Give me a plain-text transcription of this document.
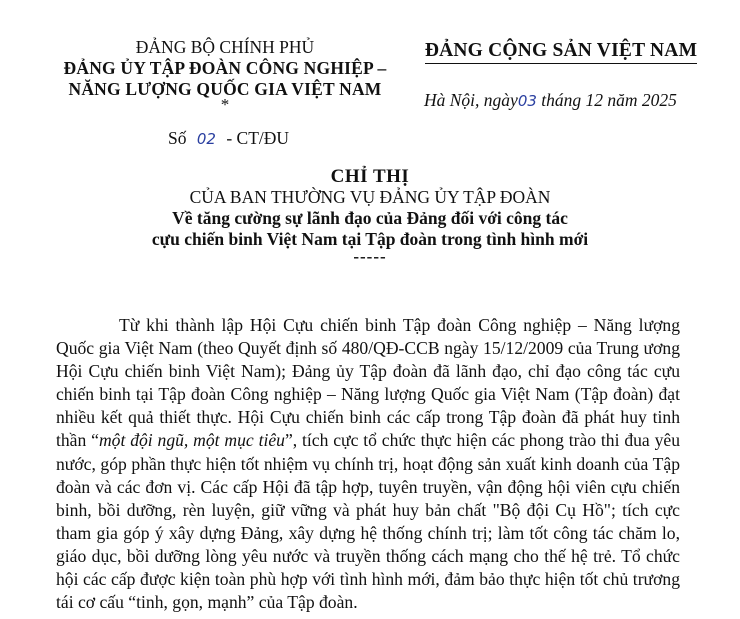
ĐẢNG BỘ CHÍNH PHỦ
ĐẢNG ỦY TẬP ĐOÀN CÔNG NGHIỆP –
NĂNG LƯỢNG QUỐC GIA VIỆT NAM
*
Số 02 - CT/ĐU
ĐẢNG CỘNG SẢN VIỆT NAM
Hà Nội, ngày03 tháng 12 năm 2025
CHỈ THỊ
CỦA BAN THƯỜNG VỤ ĐẢNG ỦY TẬP ĐOÀN
Về tăng cường sự lãnh đạo của Đảng đối với công tác
cựu chiến binh Việt Nam tại Tập đoàn trong tình hình mới
-----

Từ khi thành lập Hội Cựu chiến binh Tập đoàn Công nghiệp – Năng lượng Quốc gia Việt Nam (theo Quyết định số 480/QĐ-CCB ngày 15/12/2009 của Trung ương Hội Cựu chiến binh Việt Nam); Đảng ủy Tập đoàn đã lãnh đạo, chỉ đạo công tác cựu chiến binh tại Tập đoàn Công nghiệp – Năng lượng Quốc gia Việt Nam (Tập đoàn) đạt nhiều kết quả thiết thực. Hội Cựu chiến binh các cấp trong Tập đoàn đã phát huy tinh thần “một đội ngũ, một mục tiêu”, tích cực tổ chức thực hiện các phong trào thi đua yêu nước, góp phần thực hiện tốt nhiệm vụ chính trị, hoạt động sản xuất kinh doanh của Tập đoàn và các đơn vị. Các cấp Hội đã tập hợp, tuyên truyền, vận động hội viên cựu chiến binh, bồi dưỡng, rèn luyện, giữ vững và phát huy bản chất "Bộ đội Cụ Hồ"; tích cực tham gia góp ý xây dựng Đảng, xây dựng hệ thống chính trị; làm tốt công tác chăm lo, giáo dục, bồi dưỡng lòng yêu nước và truyền thống cách mạng cho thế hệ trẻ. Tổ chức hội các cấp được kiện toàn phù hợp với tình hình mới, đảm bảo thực hiện tốt chủ trương tái cơ cấu “tinh, gọn, mạnh” của Tập đoàn.
